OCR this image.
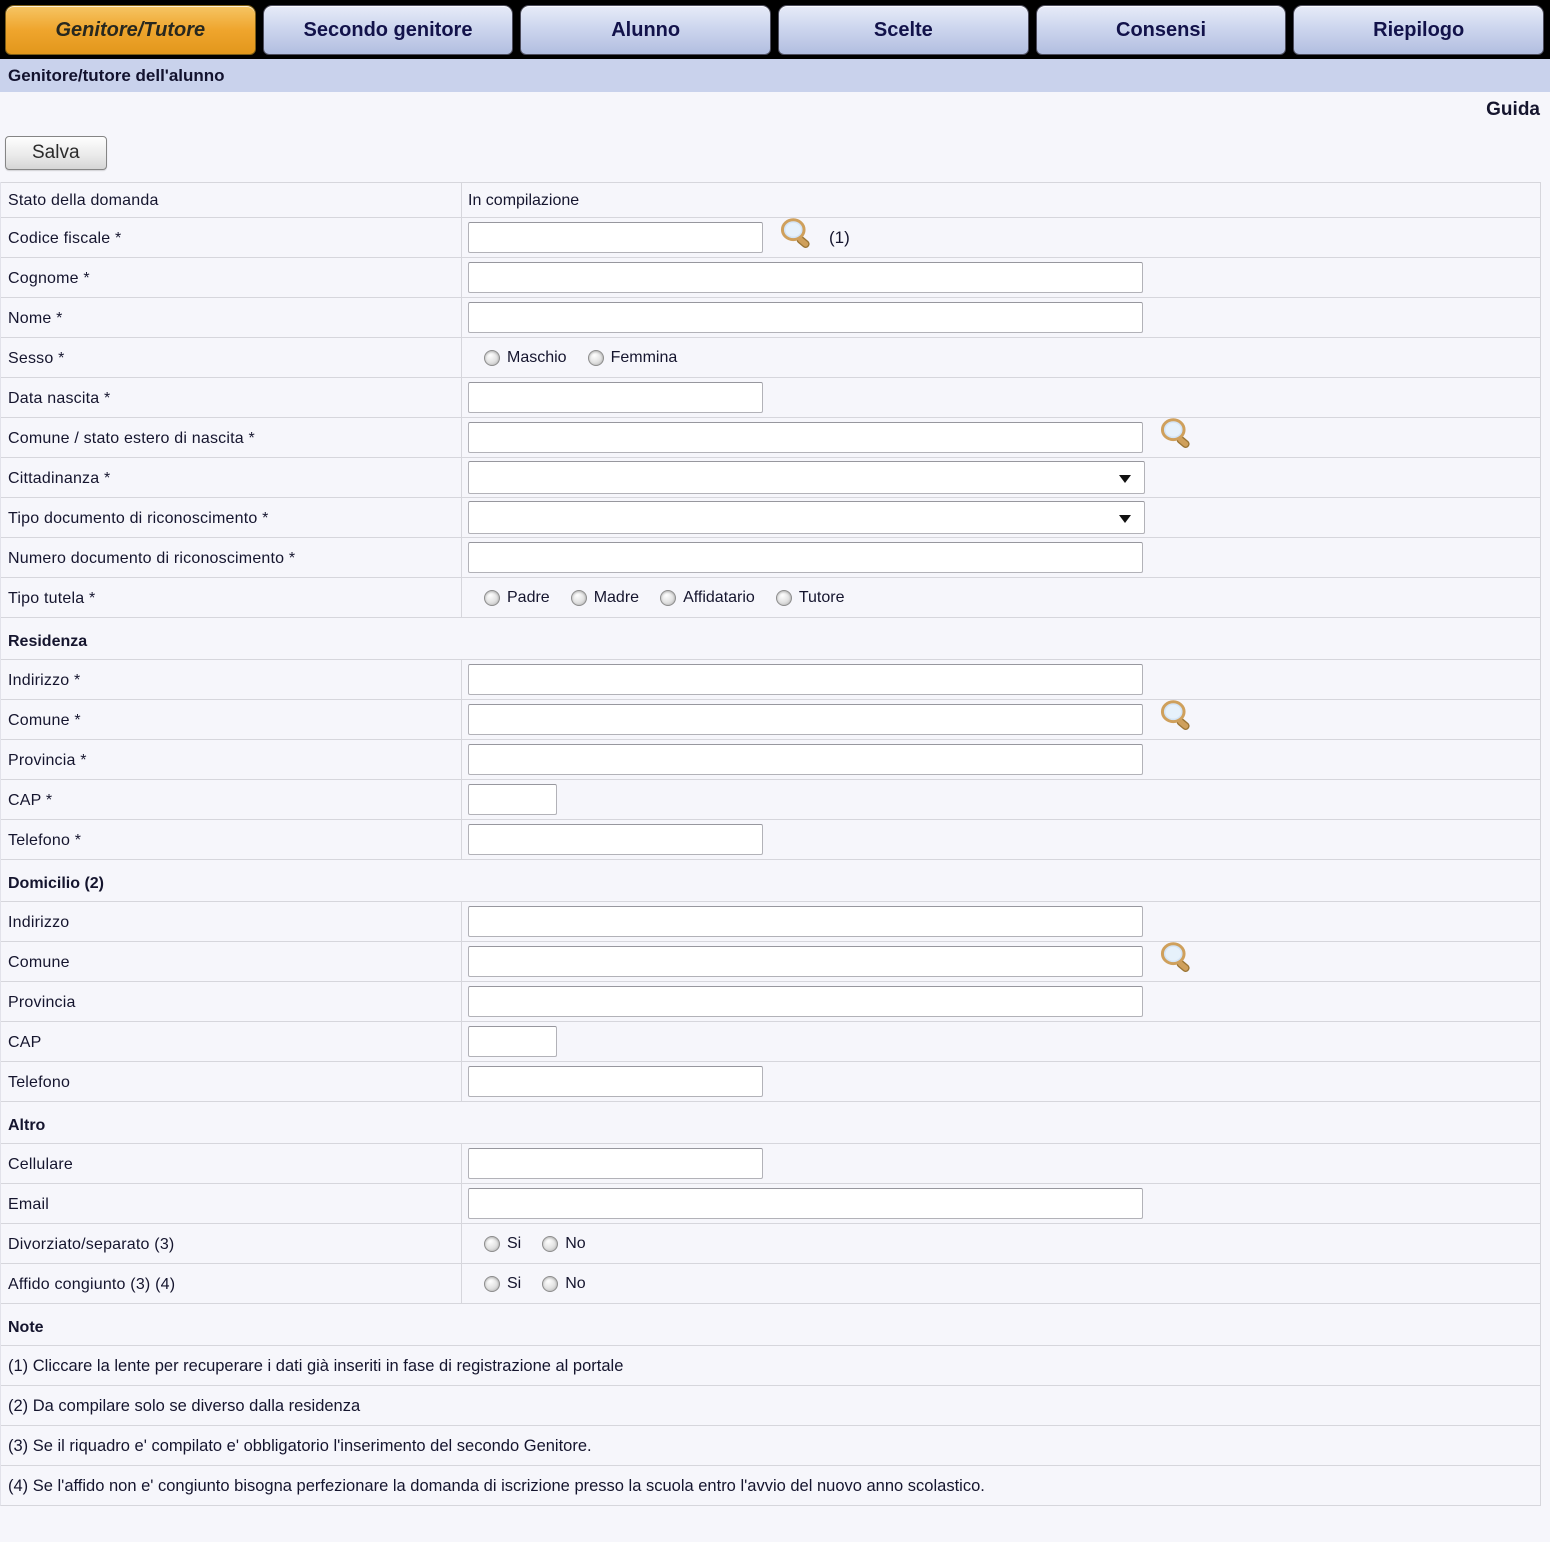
Genitore/Tutore	Secondo genitore	Alunno	Scelte	Consensi	Riepilogo
Genitore/tutore dell'alunno
Guida
Salva
Stato della domanda	In compilazione
Codice fiscale *	(1)
Cognome *
Nome *
Sesso *	Maschio	Femmina
Data nascita *
Comune / stato estero di nascita *
Cittadinanza *
Tipo documento di riconoscimento *
Numero documento di riconoscimento *
Tipo tutela *	Padre	Madre	Affidatario	Tutore
Residenza
Indirizzo *
Comune *
Provincia *
CAP *
Telefono *
Domicilio (2)
Indirizzo
Comune
Provincia
CAP
Telefono
Altro
Cellulare
Email
Divorziato/separato (3)	Si	No
Affido congiunto (3) (4)	Si	No
Note
(1) Cliccare la lente per recuperare i dati già inseriti in fase di registrazione al portale
(2) Da compilare solo se diverso dalla residenza
(3) Se il riquadro e' compilato e' obbligatorio l'inserimento del secondo Genitore.
(4) Se l'affido non e' congiunto bisogna perfezionare la domanda di iscrizione presso la scuola entro l'avvio del nuovo anno scolastico.
